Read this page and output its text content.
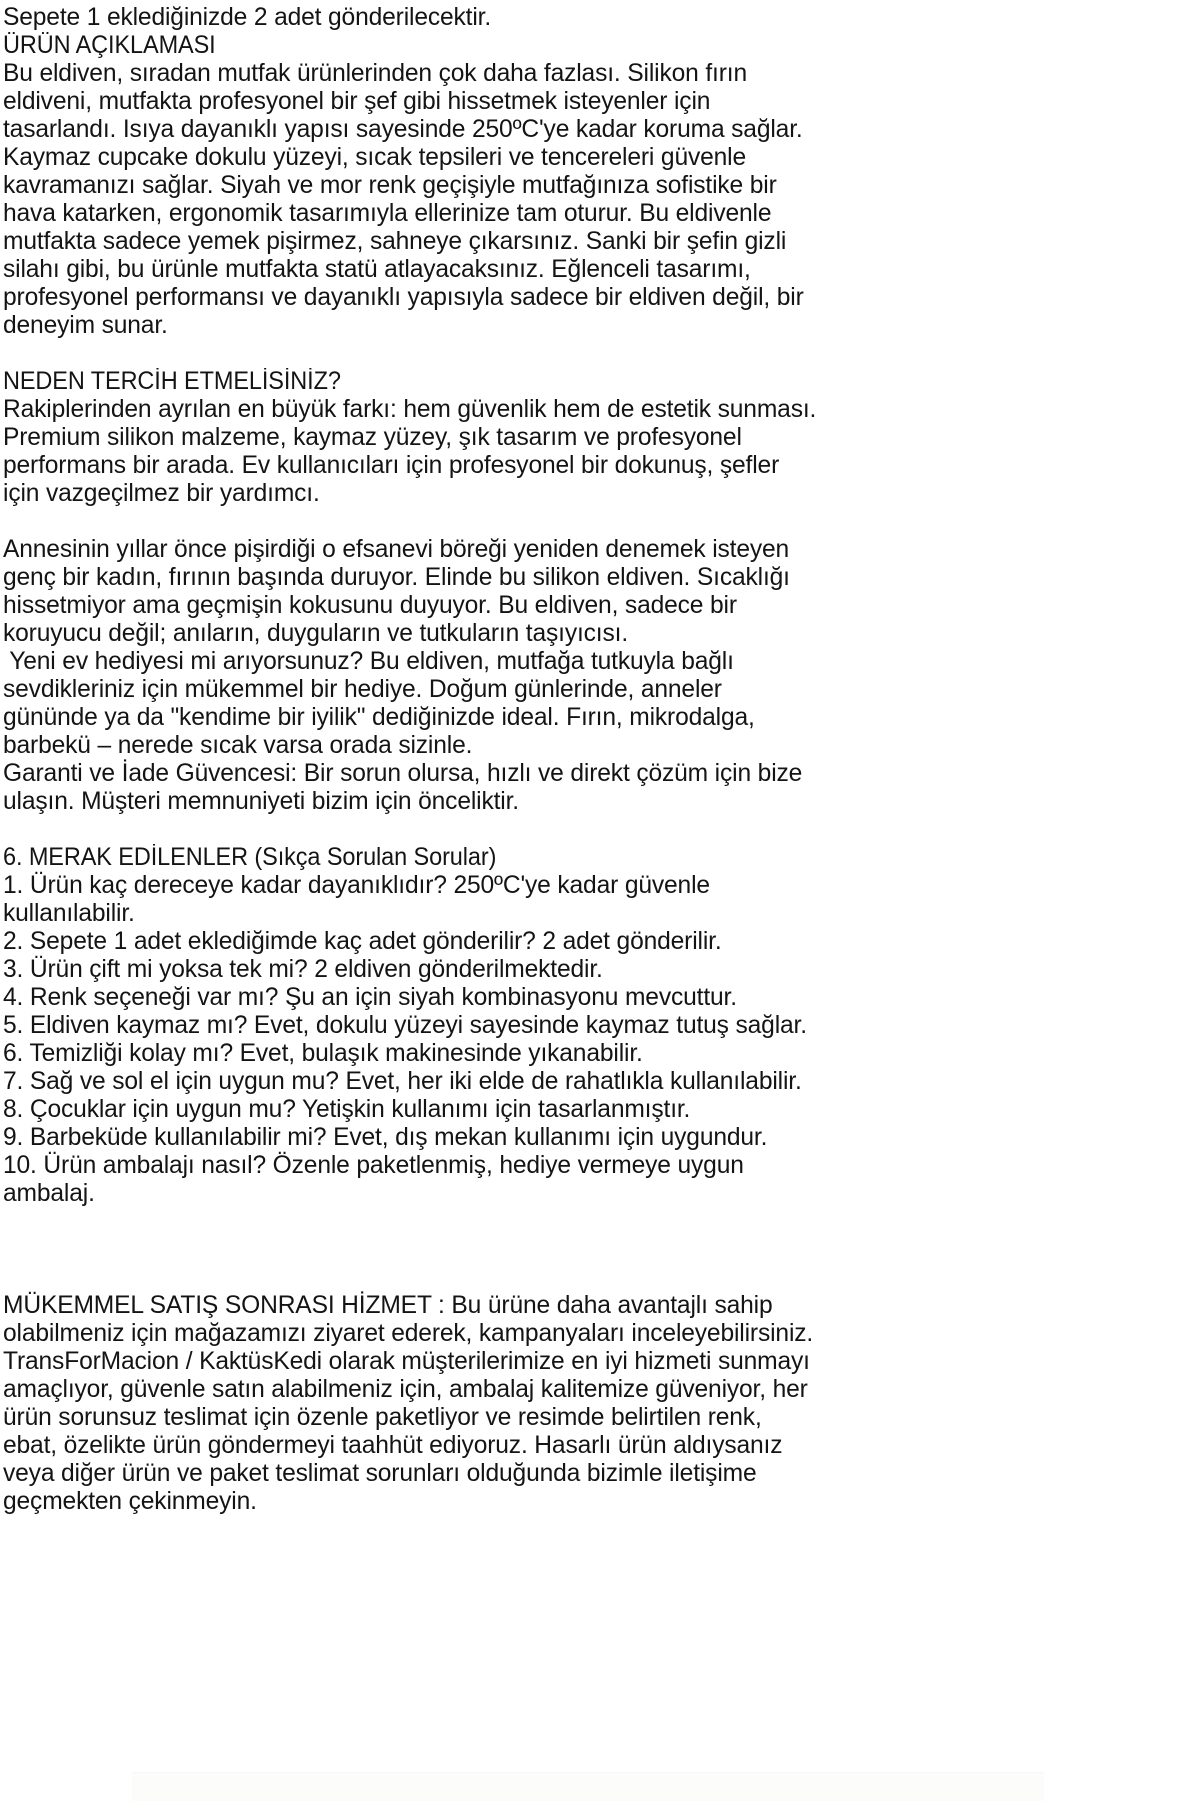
Sepete 1 eklediğinizde 2 adet gönderilecektir.
ÜRÜN AÇIKLAMASI
Bu eldiven, sıradan mutfak ürünlerinden çok daha fazlası. Silikon fırın
eldiveni, mutfakta profesyonel bir şef gibi hissetmek isteyenler için
tasarlandı. Isıya dayanıklı yapısı sayesinde 250ºC'ye kadar koruma sağlar.
Kaymaz cupcake dokulu yüzeyi, sıcak tepsileri ve tencereleri güvenle
kavramanızı sağlar. Siyah ve mor renk geçişiyle mutfağınıza sofistike bir
hava katarken, ergonomik tasarımıyla ellerinize tam oturur. Bu eldivenle
mutfakta sadece yemek pişirmez, sahneye çıkarsınız. Sanki bir şefin gizli
silahı gibi, bu ürünle mutfakta statü atlayacaksınız. Eğlenceli tasarımı,
profesyonel performansı ve dayanıklı yapısıyla sadece bir eldiven değil, bir
deneyim sunar.
NEDEN TERCİH ETMELİSİNİZ?
Rakiplerinden ayrılan en büyük farkı: hem güvenlik hem de estetik sunması.
Premium silikon malzeme, kaymaz yüzey, şık tasarım ve profesyonel
performans bir arada. Ev kullanıcıları için profesyonel bir dokunuş, şefler
için vazgeçilmez bir yardımcı.
Annesinin yıllar önce pişirdiği o efsanevi böreği yeniden denemek isteyen
genç bir kadın, fırının başında duruyor. Elinde bu silikon eldiven. Sıcaklığı
hissetmiyor ama geçmişin kokusunu duyuyor. Bu eldiven, sadece bir
koruyucu değil; anıların, duyguların ve tutkuların taşıyıcısı.
Yeni ev hediyesi mi arıyorsunuz? Bu eldiven, mutfağa tutkuyla bağlı
sevdikleriniz için mükemmel bir hediye. Doğum günlerinde, anneler
gününde ya da "kendime bir iyilik" dediğinizde ideal. Fırın, mikrodalga,
barbekü – nerede sıcak varsa orada sizinle.
Garanti ve İade Güvencesi: Bir sorun olursa, hızlı ve direkt çözüm için bize
ulaşın. Müşteri memnuniyeti bizim için önceliktir.
6. MERAK EDİLENLER (Sıkça Sorulan Sorular)
1. Ürün kaç dereceye kadar dayanıklıdır? 250ºC'ye kadar güvenle
kullanılabilir.
2. Sepete 1 adet eklediğimde kaç adet gönderilir? 2 adet gönderilir.
3. Ürün çift mi yoksa tek mi? 2 eldiven gönderilmektedir.
4. Renk seçeneği var mı? Şu an için siyah kombinasyonu mevcuttur.
5. Eldiven kaymaz mı? Evet, dokulu yüzeyi sayesinde kaymaz tutuş sağlar.
6. Temizliği kolay mı? Evet, bulaşık makinesinde yıkanabilir.
7. Sağ ve sol el için uygun mu? Evet, her iki elde de rahatlıkla kullanılabilir.
8. Çocuklar için uygun mu? Yetişkin kullanımı için tasarlanmıştır.
9. Barbeküde kullanılabilir mi? Evet, dış mekan kullanımı için uygundur.
10. Ürün ambalajı nasıl? Özenle paketlenmiş, hediye vermeye uygun
ambalaj.
MÜKEMMEL SATIŞ SONRASI HİZMET : Bu ürüne daha avantajlı sahip
olabilmeniz için mağazamızı ziyaret ederek, kampanyaları inceleyebilirsiniz.
TransForMacion / KaktüsKedi olarak müşterilerimize en iyi hizmeti sunmayı
amaçlıyor, güvenle satın alabilmeniz için, ambalaj kalitemize güveniyor, her
ürün sorunsuz teslimat için özenle paketliyor ve resimde belirtilen renk,
ebat, özelikte ürün göndermeyi taahhüt ediyoruz. Hasarlı ürün aldıysanız
veya diğer ürün ve paket teslimat sorunları olduğunda bizimle iletişime
geçmekten çekinmeyin.
